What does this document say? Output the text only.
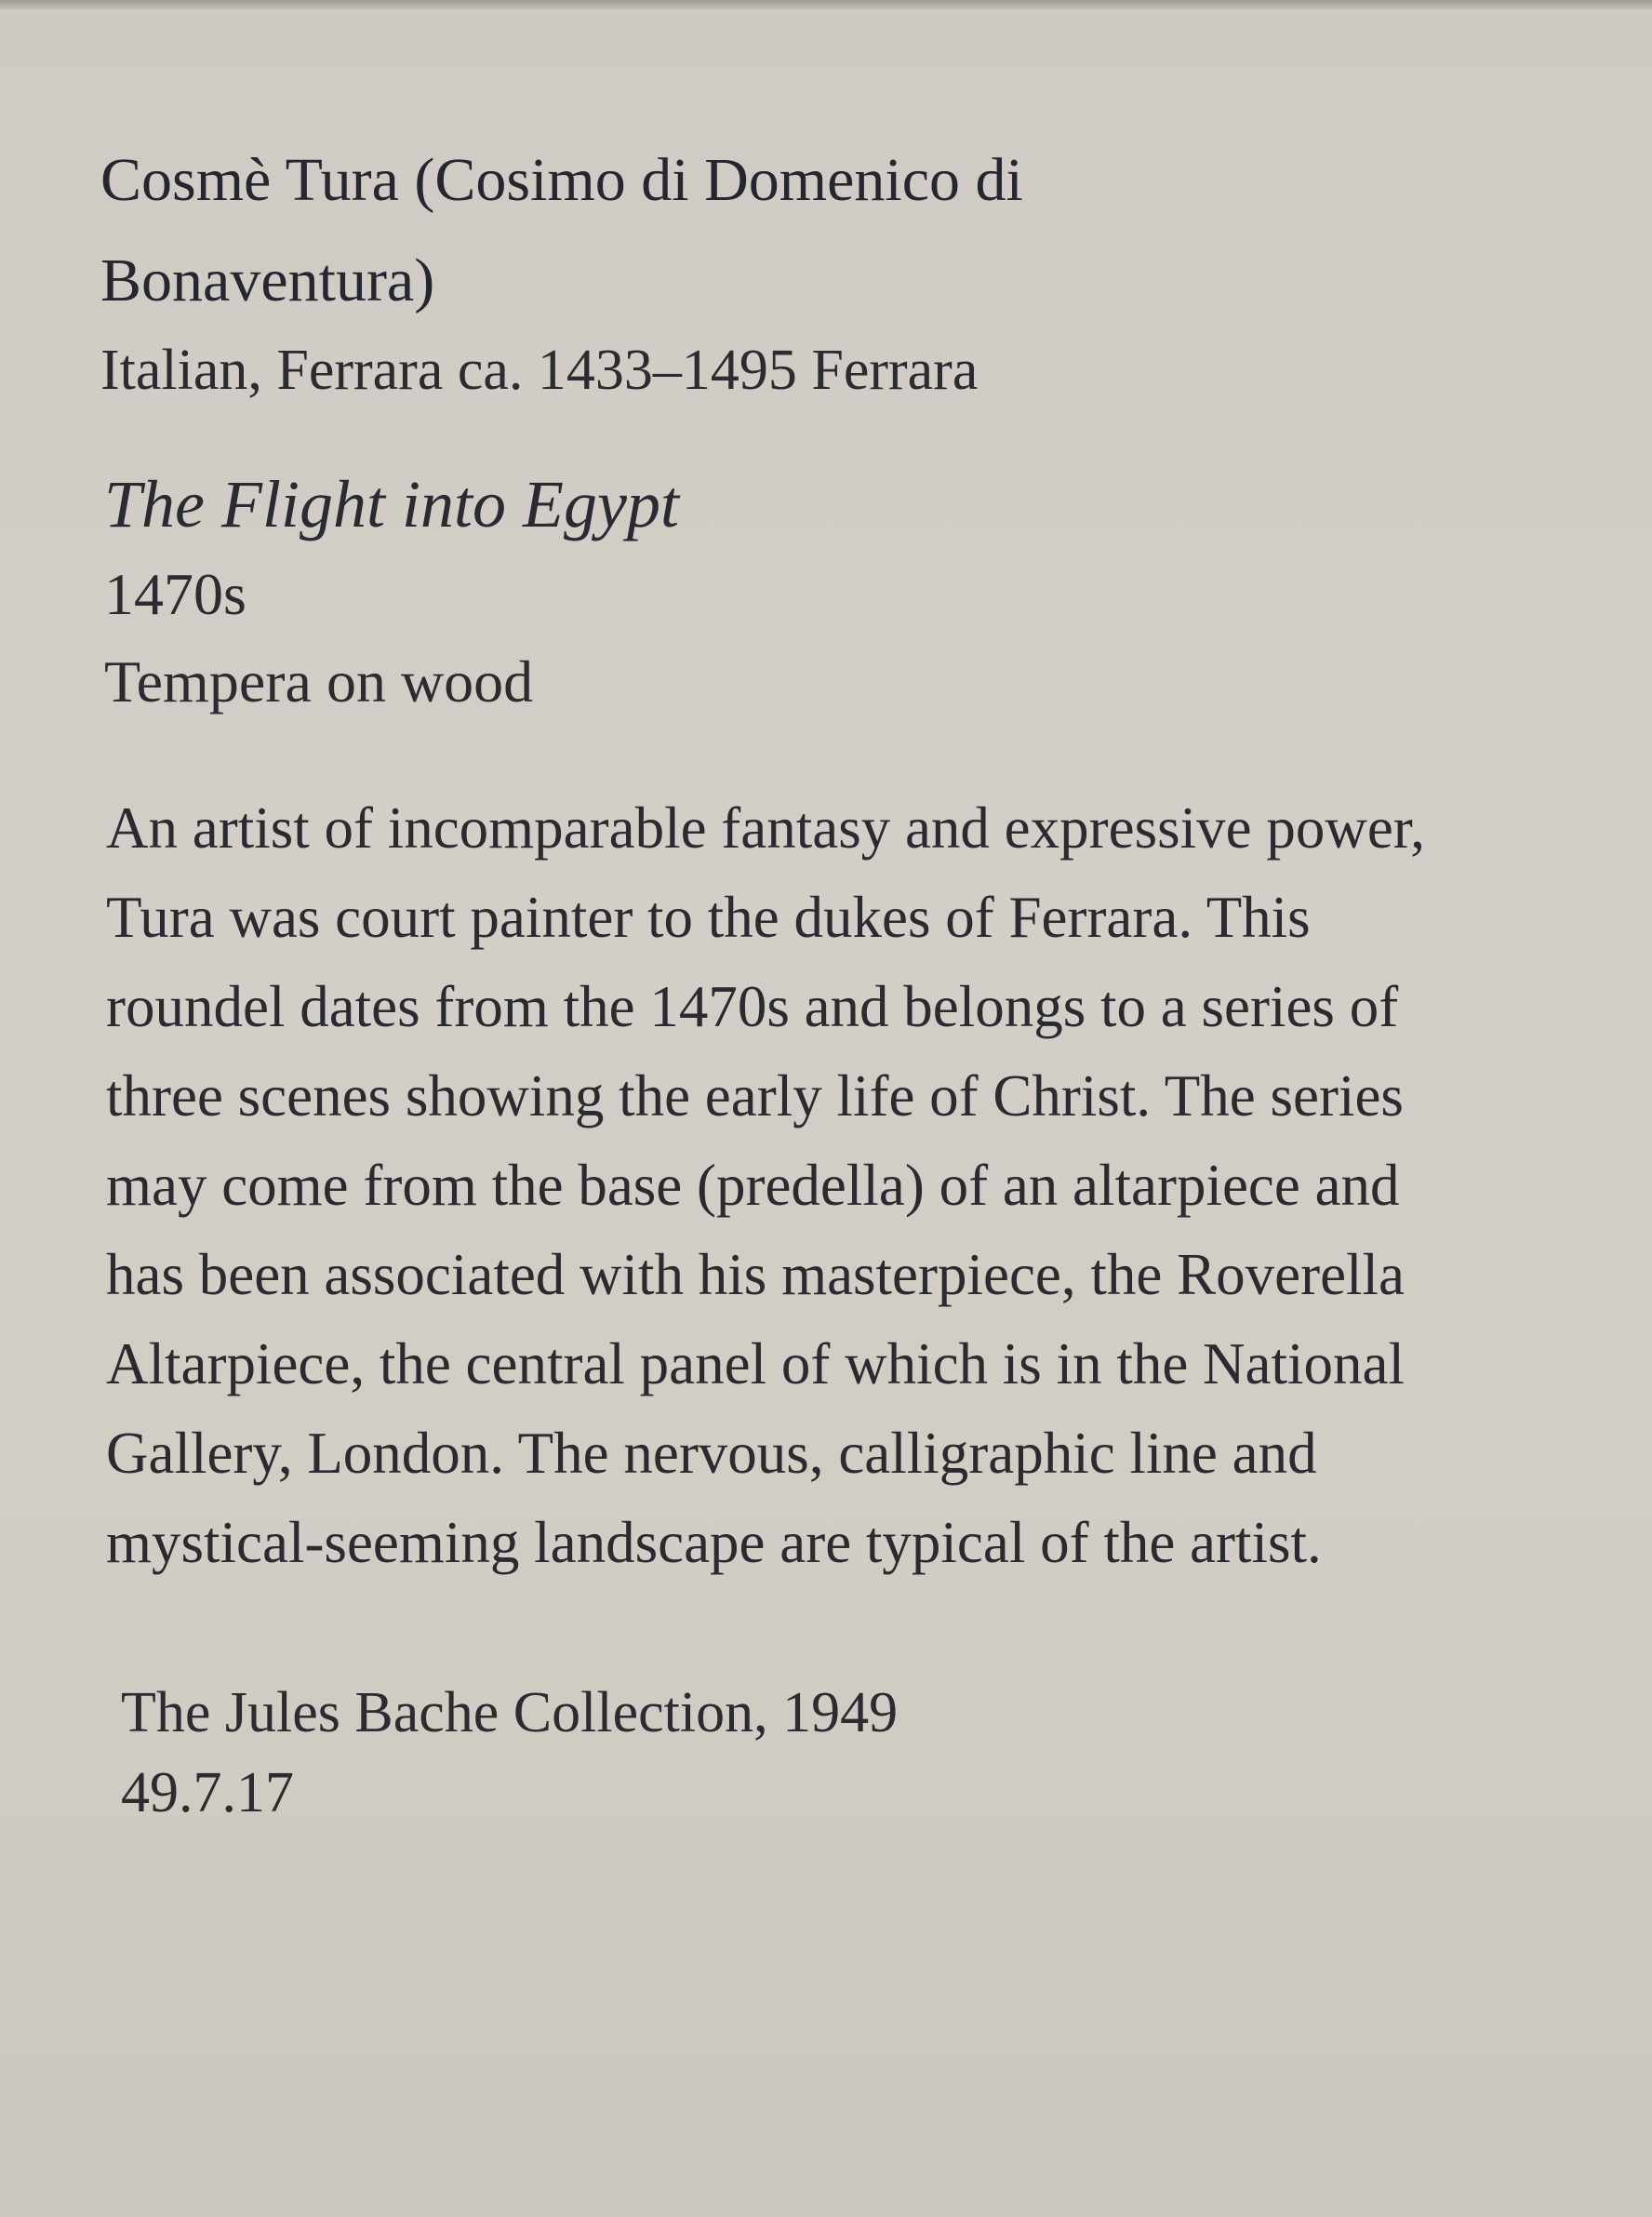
Cosmè Tura (Cosimo di Domenico di Bonaventura)

Italian, Ferrara ca. 1433–1495 Ferrara

The Flight into Egypt

1470s

Tempera on wood

An artist of incomparable fantasy and expressive power, Tura was court painter to the dukes of Ferrara. This roundel dates from the 1470s and belongs to a series of three scenes showing the early life of Christ. The series may come from the base (predella) of an altarpiece and has been associated with his masterpiece, the Roverella Altarpiece, the central panel of which is in the National Gallery, London. The nervous, calligraphic line and mystical-seeming landscape are typical of the artist.

The Jules Bache Collection, 1949

49.7.17
